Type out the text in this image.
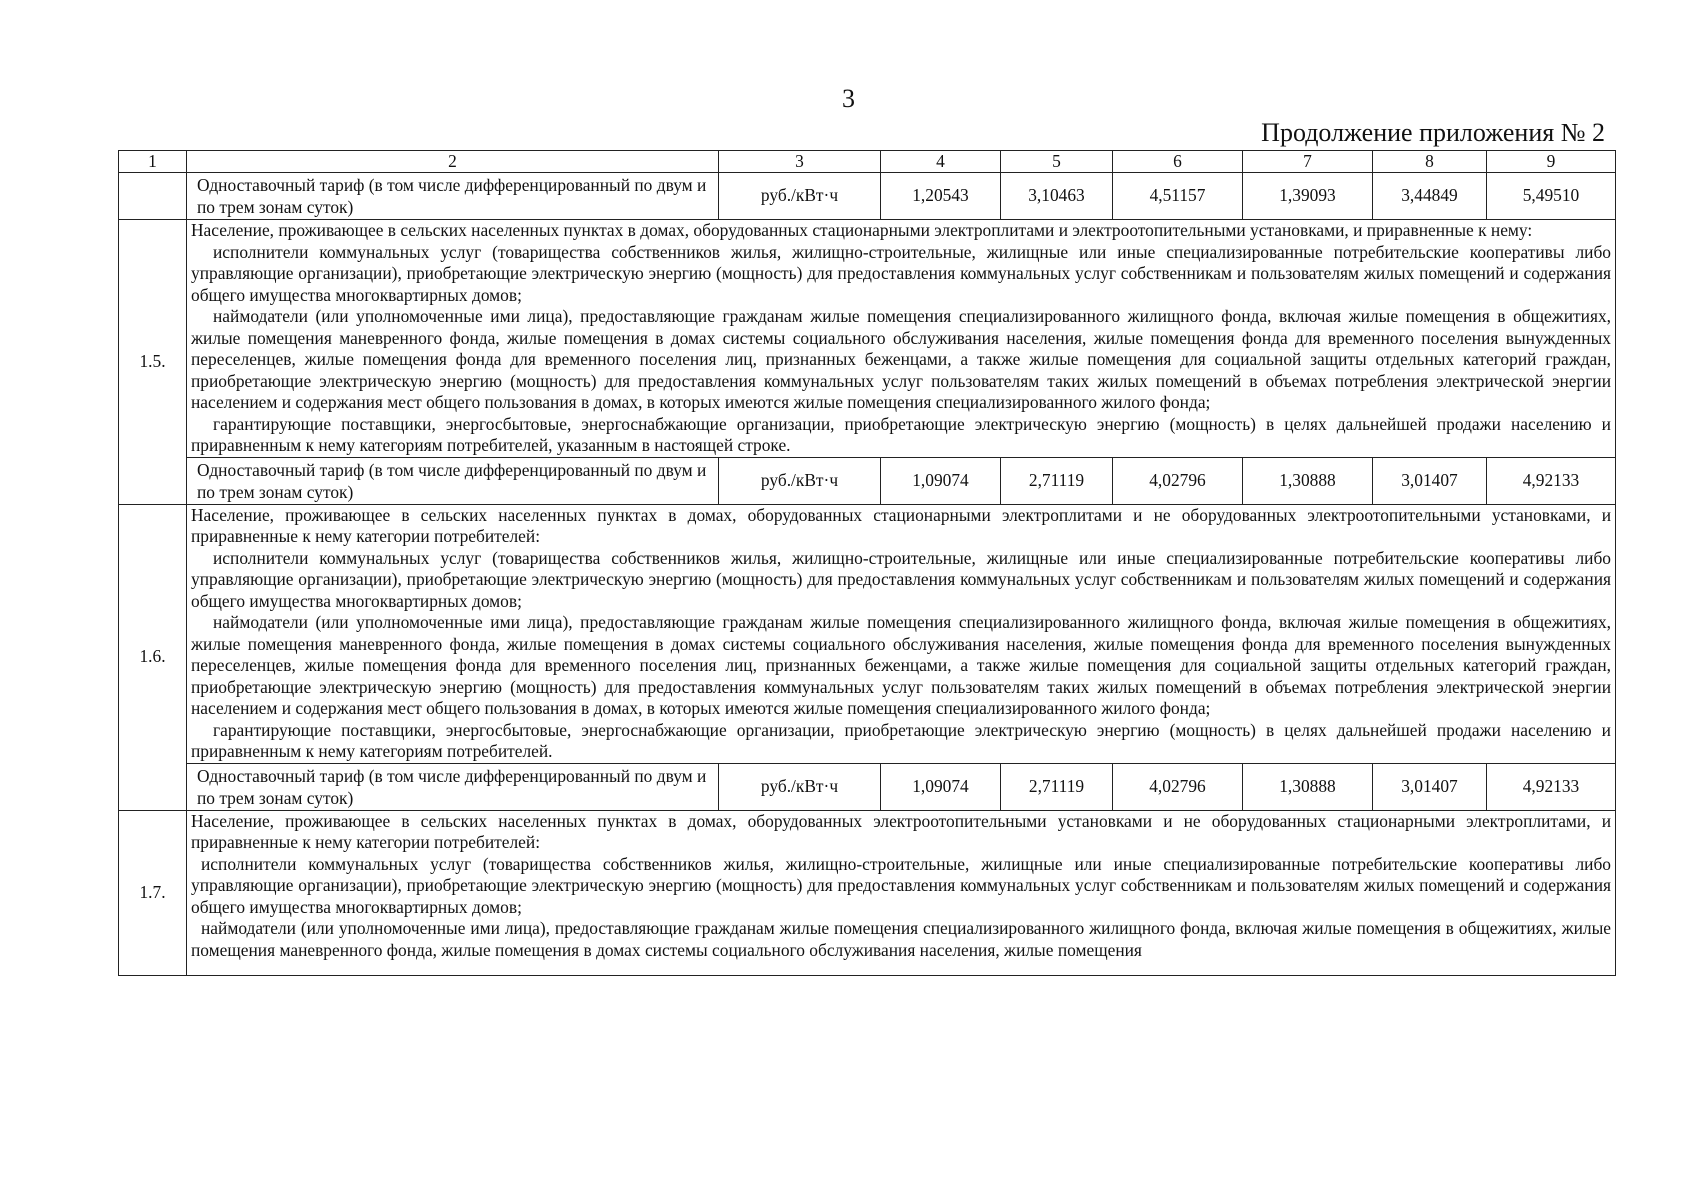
3
Продолжение приложения № 2
1	2	3	4	5	6	7	8	9
	Одноставочный тариф (в том числе дифференцированный по двум и по трем зонам суток)	руб./кВт·ч	1,20543	3,10463	4,51157	1,39093	3,44849	5,49510
1.5.	Население, проживающее в сельских населенных пунктах в домах, оборудованных стационарными электроплитами и электроотопительными установками, и приравненные к нему:

исполнители коммунальных услуг (товарищества собственников жилья, жилищно-строительные, жилищные или иные специализированные потребительские кооперативы либо управляющие организации), приобретающие электрическую энергию (мощность) для предоставления коммунальных услуг собственникам и пользователям жилых помещений и содержания общего имущества многоквартирных домов;

наймодатели (или уполномоченные ими лица), предоставляющие гражданам жилые помещения специализированного жилищного фонда, включая жилые помещения в общежитиях, жилые помещения маневренного фонда, жилые помещения в домах системы социального обслуживания населения, жилые помещения фонда для временного поселения вынужденных переселенцев, жилые помещения фонда для временного поселения лиц, признанных беженцами, а также жилые помещения для социальной защиты отдельных категорий граждан, приобретающие электрическую энергию (мощность) для предоставления коммунальных услуг пользователям таких жилых помещений в объемах потребления электрической энергии населением и содержания мест общего пользования в домах, в которых имеются жилые помещения специализированного жилого фонда;

гарантирующие поставщики, энергосбытовые, энергоснабжающие организации, приобретающие электрическую энергию (мощность) в целях дальнейшей продажи населению и приравненным к нему категориям потребителей, указанным в настоящей строке.							

	Одноставочный тариф (в том числе дифференцированный по двум и по трем зонам суток)	руб./кВт·ч	1,09074	2,71119	4,02796	1,30888	3,01407	4,92133
1.6.	Население, проживающее в сельских населенных пунктах в домах, оборудованных стационарными электроплитами и не оборудованных электроотопительными установками, и приравненные к нему категории потребителей:

исполнители коммунальных услуг (товарищества собственников жилья, жилищно-строительные, жилищные или иные специализированные потребительские кооперативы либо управляющие организации), приобретающие электрическую энергию (мощность) для предоставления коммунальных услуг собственникам и пользователям жилых помещений и содержания общего имущества многоквартирных домов;

наймодатели (или уполномоченные ими лица), предоставляющие гражданам жилые помещения специализированного жилищного фонда, включая жилые помещения в общежитиях, жилые помещения маневренного фонда, жилые помещения в домах системы социального обслуживания населения, жилые помещения фонда для временного поселения вынужденных переселенцев, жилые помещения фонда для временного поселения лиц, признанных беженцами, а также жилые помещения для социальной защиты отдельных категорий граждан, приобретающие электрическую энергию (мощность) для предоставления коммунальных услуг пользователям таких жилых помещений в объемах потребления электрической энергии населением и содержания мест общего пользования в домах, в которых имеются жилые помещения специализированного жилого фонда;

гарантирующие поставщики, энергосбытовые, энергоснабжающие организации, приобретающие электрическую энергию (мощность) в целях дальнейшей продажи населению и приравненным к нему категориям потребителей.							

	Одноставочный тариф (в том числе дифференцированный по двум и по трем зонам суток)	руб./кВт·ч	1,09074	2,71119	4,02796	1,30888	3,01407	4,92133
1.7.	Население, проживающее в сельских населенных пунктах в домах, оборудованных электроотопительными установками и не оборудованных стационарными электроплитами, и приравненные к нему категории потребителей:

исполнители коммунальных услуг (товарищества собственников жилья, жилищно-строительные, жилищные или иные специализированные потребительские кооперативы либо управляющие организации), приобретающие электрическую энергию (мощность) для предоставления коммунальных услуг собственникам и пользователям жилых помещений и содержания общего имущества многоквартирных домов;

наймодатели (или уполномоченные ими лица), предоставляющие гражданам жилые помещения специализированного жилищного фонда, включая жилые помещения в общежитиях, жилые помещения маневренного фонда, жилые помещения в домах системы социального обслуживания населения, жилые помещения							
